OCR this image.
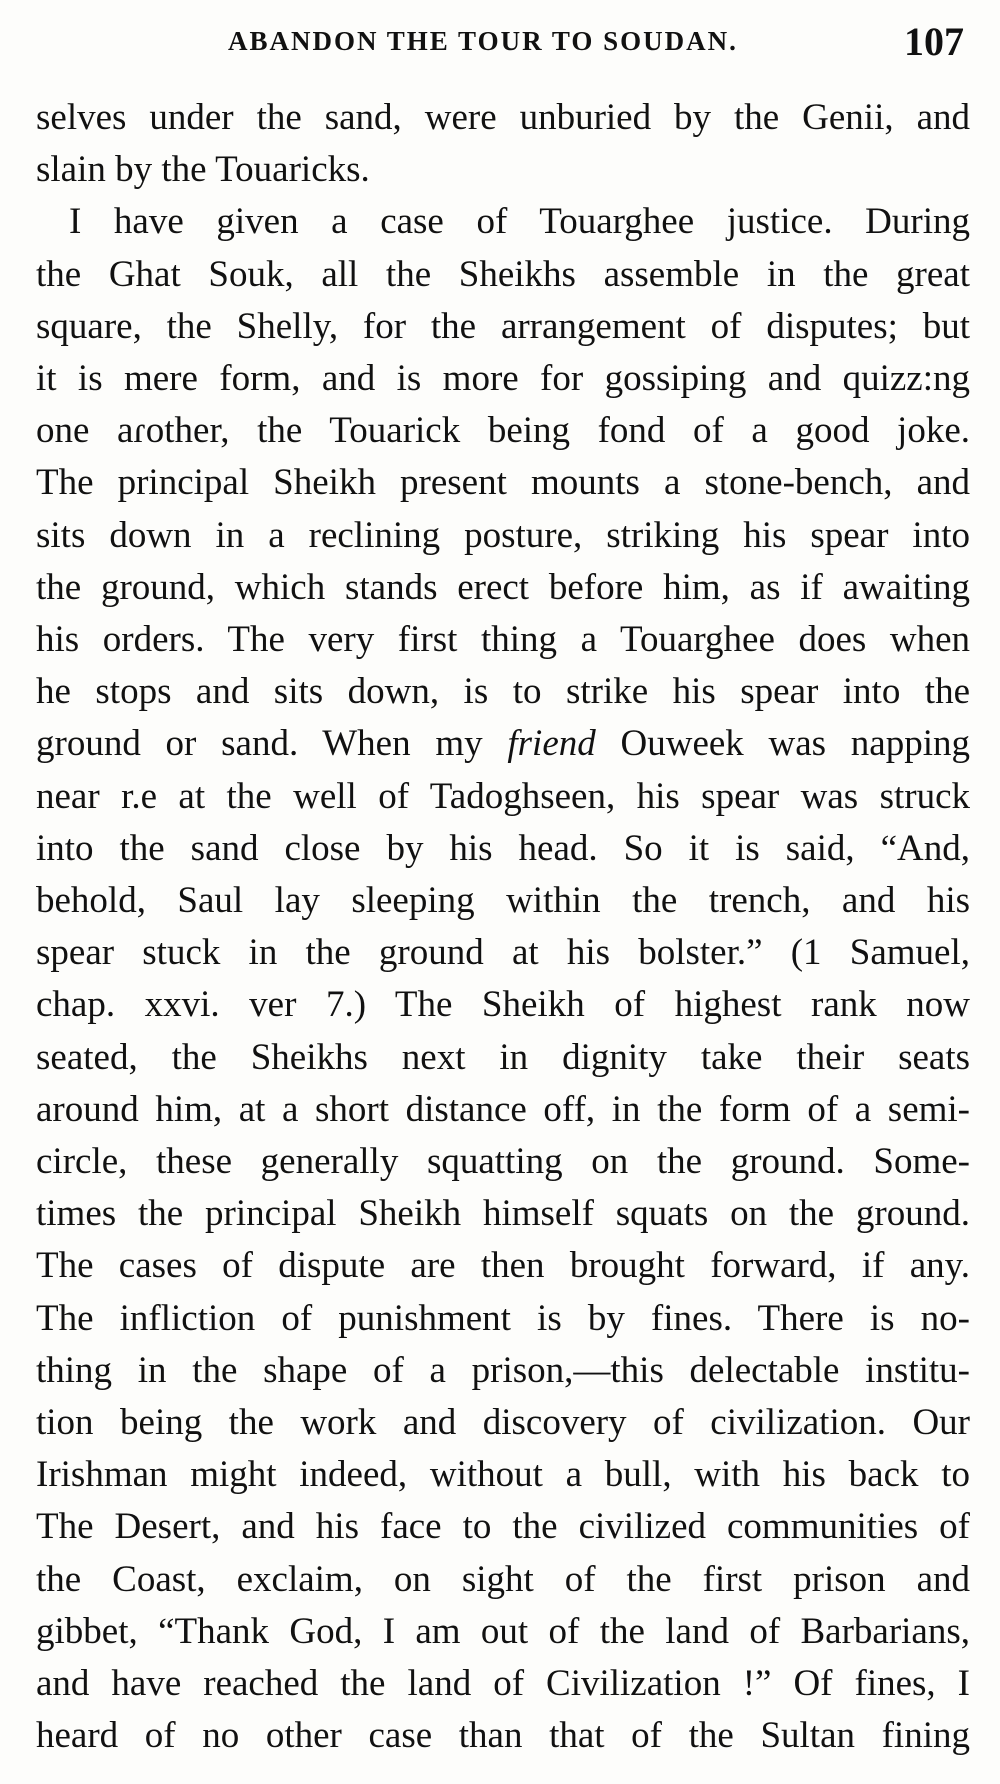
ABANDON THE TOUR TO SOUDAN.	107
selves under the sand, were unburied by the Genii, and
slain by the Touaricks.
I have given a case of Touarghee justice. During
the Ghat Souk, all the Sheikhs assemble in the great
square, the Shelly, for the arrangement of disputes; but
it is mere form, and is more for gossiping and quizz:ng
one aɾother, the Touarick being fond of a good joke.
The principal Sheikh present mounts a stone-bench, and
sits down in a reclining posture, striking his spear into
the ground, which stands erect before him, as if awaiting
his orders. The very first thing a Touarghee does when
he stops and sits down, is to strike his spear into the
ground or sand. When my friend Ouweek was napping
near r.e at the well of Tadoghseen, his spear was struck
into the sand close by his head. So it is said, “And,
behold, Saul lay sleeping within the trench, and his
spear stuck in the ground at his bolster.” (1 Samuel,
chap. xxvi. ver 7.) The Sheikh of highest rank now
seated, the Sheikhs next in dignity take their seats
around him, at a short distance off, in the form of a semi-
circle, these generally squatting on the ground. Some-
times the principal Sheikh himself squats on the ground.
The cases of dispute are then brought forward, if any.
The infliction of punishment is by fines. There is no-
thing in the shape of a prison,—this delectable institu-
tion being the work and discovery of civilization. Our
Irishman might indeed, without a bull, with his back to
The Desert, and his face to the civilized communities of
the Coast, exclaim, on sight of the first prison and
gibbet, “Thank God, I am out of the land of Barbarians,
and have reached the land of Civilization !” Of fines, I
heard of no other case than that of the Sultan fining
